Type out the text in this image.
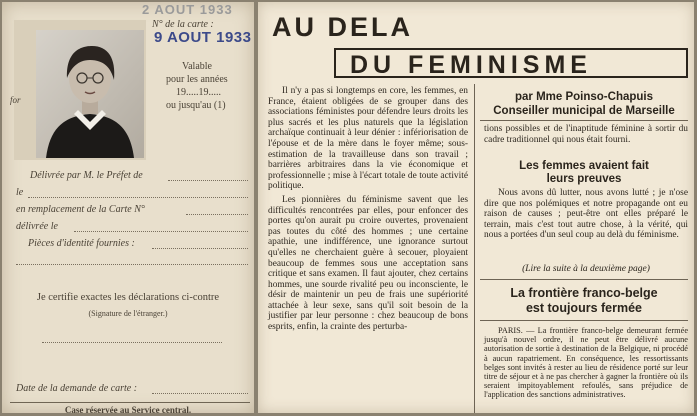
for
2 AOUT 1933
N° de la carte :
9 AOUT 1933
Valable
pour les années
19.....19.....
ou jusqu'au (1)
Délivrée par M. le Préfet de
le
en remplacement de la Carte N°
délivrée le
Pièces d'identité fournies :
Je certifie exactes les déclarations ci-contre
(Signature de l'étranger.)
Date de la demande de carte :
Case réservée au Service central.
AU DELA
DU FEMINISME

Il n'y a pas si longtemps en core, les femmes, en France, étaient obligées de se grouper dans des associations féministes pour défendre leurs droits les plus sacrés et les plus naturels que la législation archaïque continuait à leur dénier : infériorisation de l'épouse et de la mère dans le foyer même; sous-estimation de la travailleuse dans son travail ; barrières arbitraires dans la vie économique et professionnelle ; mise à l'écart totale de toute activité politique.

Les pionnières du féminisme savent que les difficultés rencontrées par elles, pour enfoncer des portes qu'on aurait pu croire ouvertes, provenaient pas toutes du côté des hommes ; une certaine apathie, une indifférence, une ignorance surtout qu'elles ne cherchaient guère à secouer, ployaient beaucoup de femmes sous une acceptation sans critique et sans examen. Il faut ajouter, chez certains hommes, une sourde rivalité peu ou inconsciente, le désir de maintenir un peu de frais une supériorité attachée à leur sexe, sans qu'il soit besoin de la justifier par leur personne : chez beaucoup de bons esprits, enfin, la crainte des perturba-

par Mme Poinso-Chapuis
Conseiller municipal de Marseille

tions possibles et de l'inaptitude féminine à sortir du cadre traditionnel qui nous était fourni.

Les femmes avaient fait
leurs preuves

Nous avons dû lutter, nous avons lutté ; je n'ose dire que nos polémiques et notre propagande ont eu raison de causes ; peut-être ont elles préparé le terrain, mais c'est tout autre chose, à la vérité, qui nous a portées d'un seul coup au delà du féminisme.

(Lire la suite à la deuxième page)
La frontière franco-belge
est toujours fermée

PARIS. — La frontière franco-belge demeurant fermée jusqu'à nouvel ordre, il ne peut être délivré aucune autorisation de sortie à destination de la Belgique, ni procédé à aucun rapatriement. En conséquence, les ressortissants belges sont invités à rester au lieu de résidence porté sur leur titre de séjour et à ne pas chercher à gagner la frontière où ils seraient impitoyablement refoulés, sans préjudice de l'application des sanctions administratives.
